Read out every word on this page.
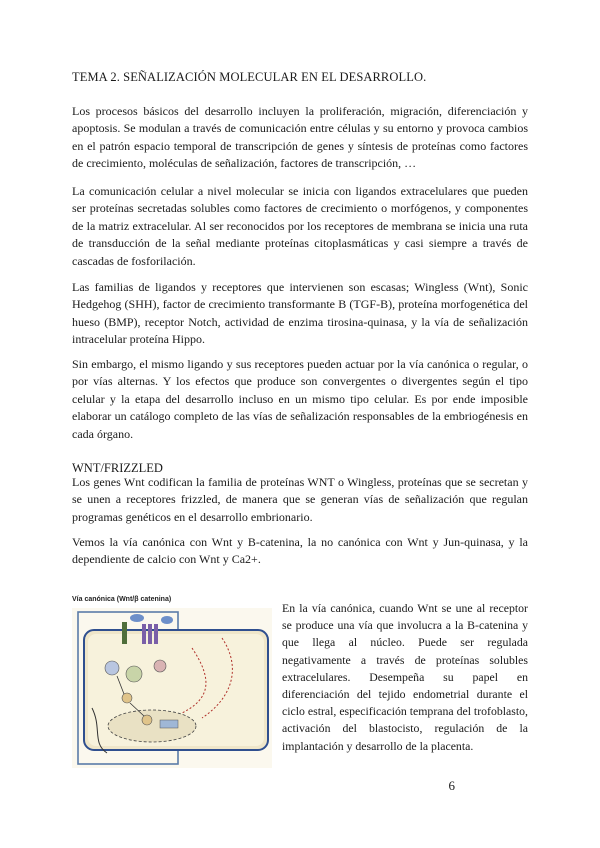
TEMA 2. SEÑALIZACIÓN MOLECULAR EN EL DESARROLLO.

Los procesos básicos del desarrollo incluyen la proliferación, migración, diferenciación y apoptosis. Se modulan a través de comunicación entre células y su entorno y provoca cambios en el patrón espacio temporal de transcripción de genes y síntesis de proteínas como factores de crecimiento, moléculas de señalización, factores de transcripción, …

La comunicación celular a nivel molecular se inicia con ligandos extracelulares que pueden ser proteínas secretadas solubles como factores de crecimiento o morfógenos, y componentes de la matriz extracelular. Al ser reconocidos por los receptores de membrana se inicia una ruta de transducción de la señal mediante proteínas citoplasmáticas y casi siempre a través de cascadas de fosforilación.

Las familias de ligandos y receptores que intervienen son escasas; Wingless (Wnt), Sonic Hedgehog (SHH), factor de crecimiento transformante B (TGF-B), proteína morfogenética del hueso (BMP), receptor Notch, actividad de enzima tirosina-quinasa, y la vía de señalización intracelular proteína Hippo.

Sin embargo, el mismo ligando y sus receptores pueden actuar por la vía canónica o regular, o por vías alternas. Y los efectos que produce son convergentes o divergentes según el tipo celular y la etapa del desarrollo incluso en un mismo tipo celular. Es por ende imposible elaborar un catálogo completo de las vías de señalización responsables de la embriogénesis en cada órgano.

WNT/FRIZZLED

Los genes Wnt codifican la familia de proteínas WNT o Wingless, proteínas que se secretan y se unen a receptores frizzled, de manera que se generan vías de señalización que regulan programas genéticos en el desarrollo embrionario.

Vemos la vía canónica con Wnt y B-catenina, la no canónica con Wnt y Jun-quinasa, y la dependiente de calcio con Wnt y Ca2+.

Vía canónica (Wnt/β catenina)

En la vía canónica, cuando Wnt se une al receptor se produce una vía que involucra a la B-catenina y que llega al núcleo. Puede ser regulada negativamente a través de proteínas solubles extracelulares. Desempeña su papel en diferenciación del tejido endometrial durante el ciclo estral, especificación temprana del trofoblasto, activación del blastocisto, regulación de la implantación y desarrollo de la placenta.

6
